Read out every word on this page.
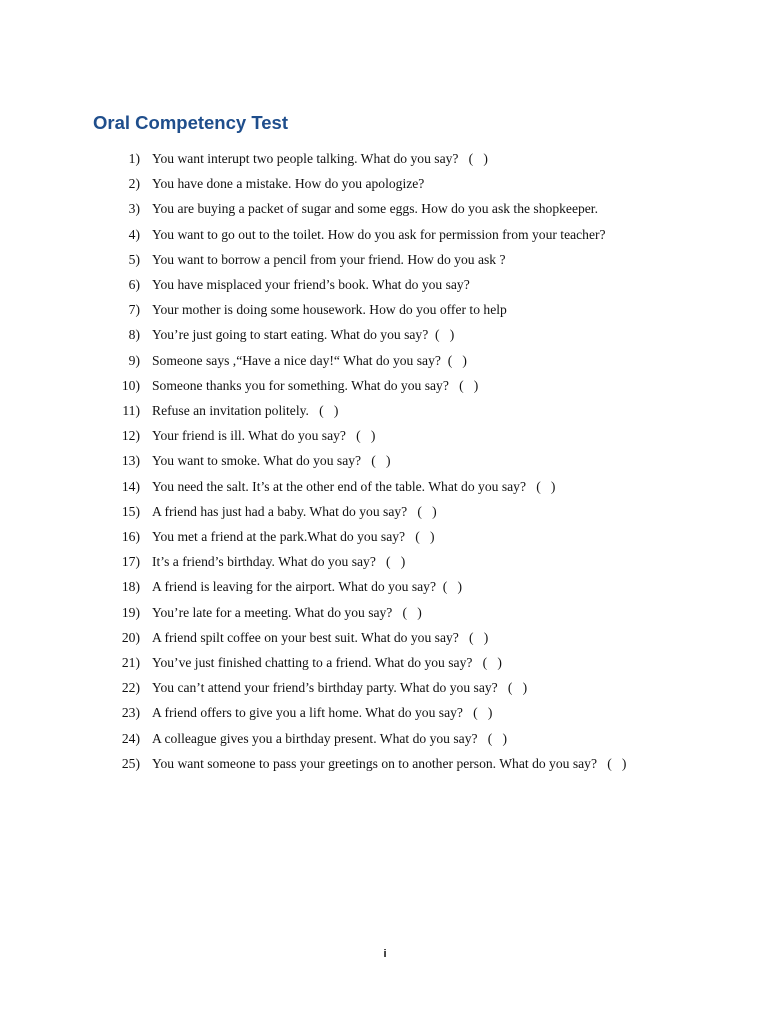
Oral Competency Test
1) You want interupt two people talking. What do you say?   (   )
2) You have done a mistake. How do you apologize?
3) You are buying a packet of sugar and some eggs. How do you ask the shopkeeper.
4) You want to go out to the toilet. How do you ask for permission from your teacher?
5) You want to borrow a pencil from your friend. How do you ask ?
6) You have misplaced your friend’s book. What do you say?
7) Your mother is doing some housework. How do you offer to help
8) You’re just going to start eating. What do you say?  (   )
9) Someone says ,“Have a nice day!“ What do you say?  (   )
10) Someone thanks you for something. What do you say?   (   )
11) Refuse an invitation politely.   (   )
12) Your friend is ill. What do you say?   (   )
13) You want to smoke. What do you say?   (   )
14) You need the salt. It’s at the other end of the table. What do you say?   (   )
15) A friend has just had a baby. What do you say?   (   )
16) You met a friend at the park.What do you say?   (   )
17) It’s a friend’s birthday. What do you say?   (   )
18) A friend is leaving for the airport. What do you say?  (   )
19) You’re late for a meeting. What do you say?   (   )
20) A friend spilt coffee on your best suit. What do you say?   (   )
21) You’ve just finished chatting to a friend. What do you say?   (   )
22) You can’t attend your friend’s birthday party. What do you say?   (   )
23) A friend offers to give you a lift home. What do you say?   (   )
24) A colleague gives you a birthday present. What do you say?   (   )
25) You want someone to pass your greetings on to another person. What do you say?   (   )
i
